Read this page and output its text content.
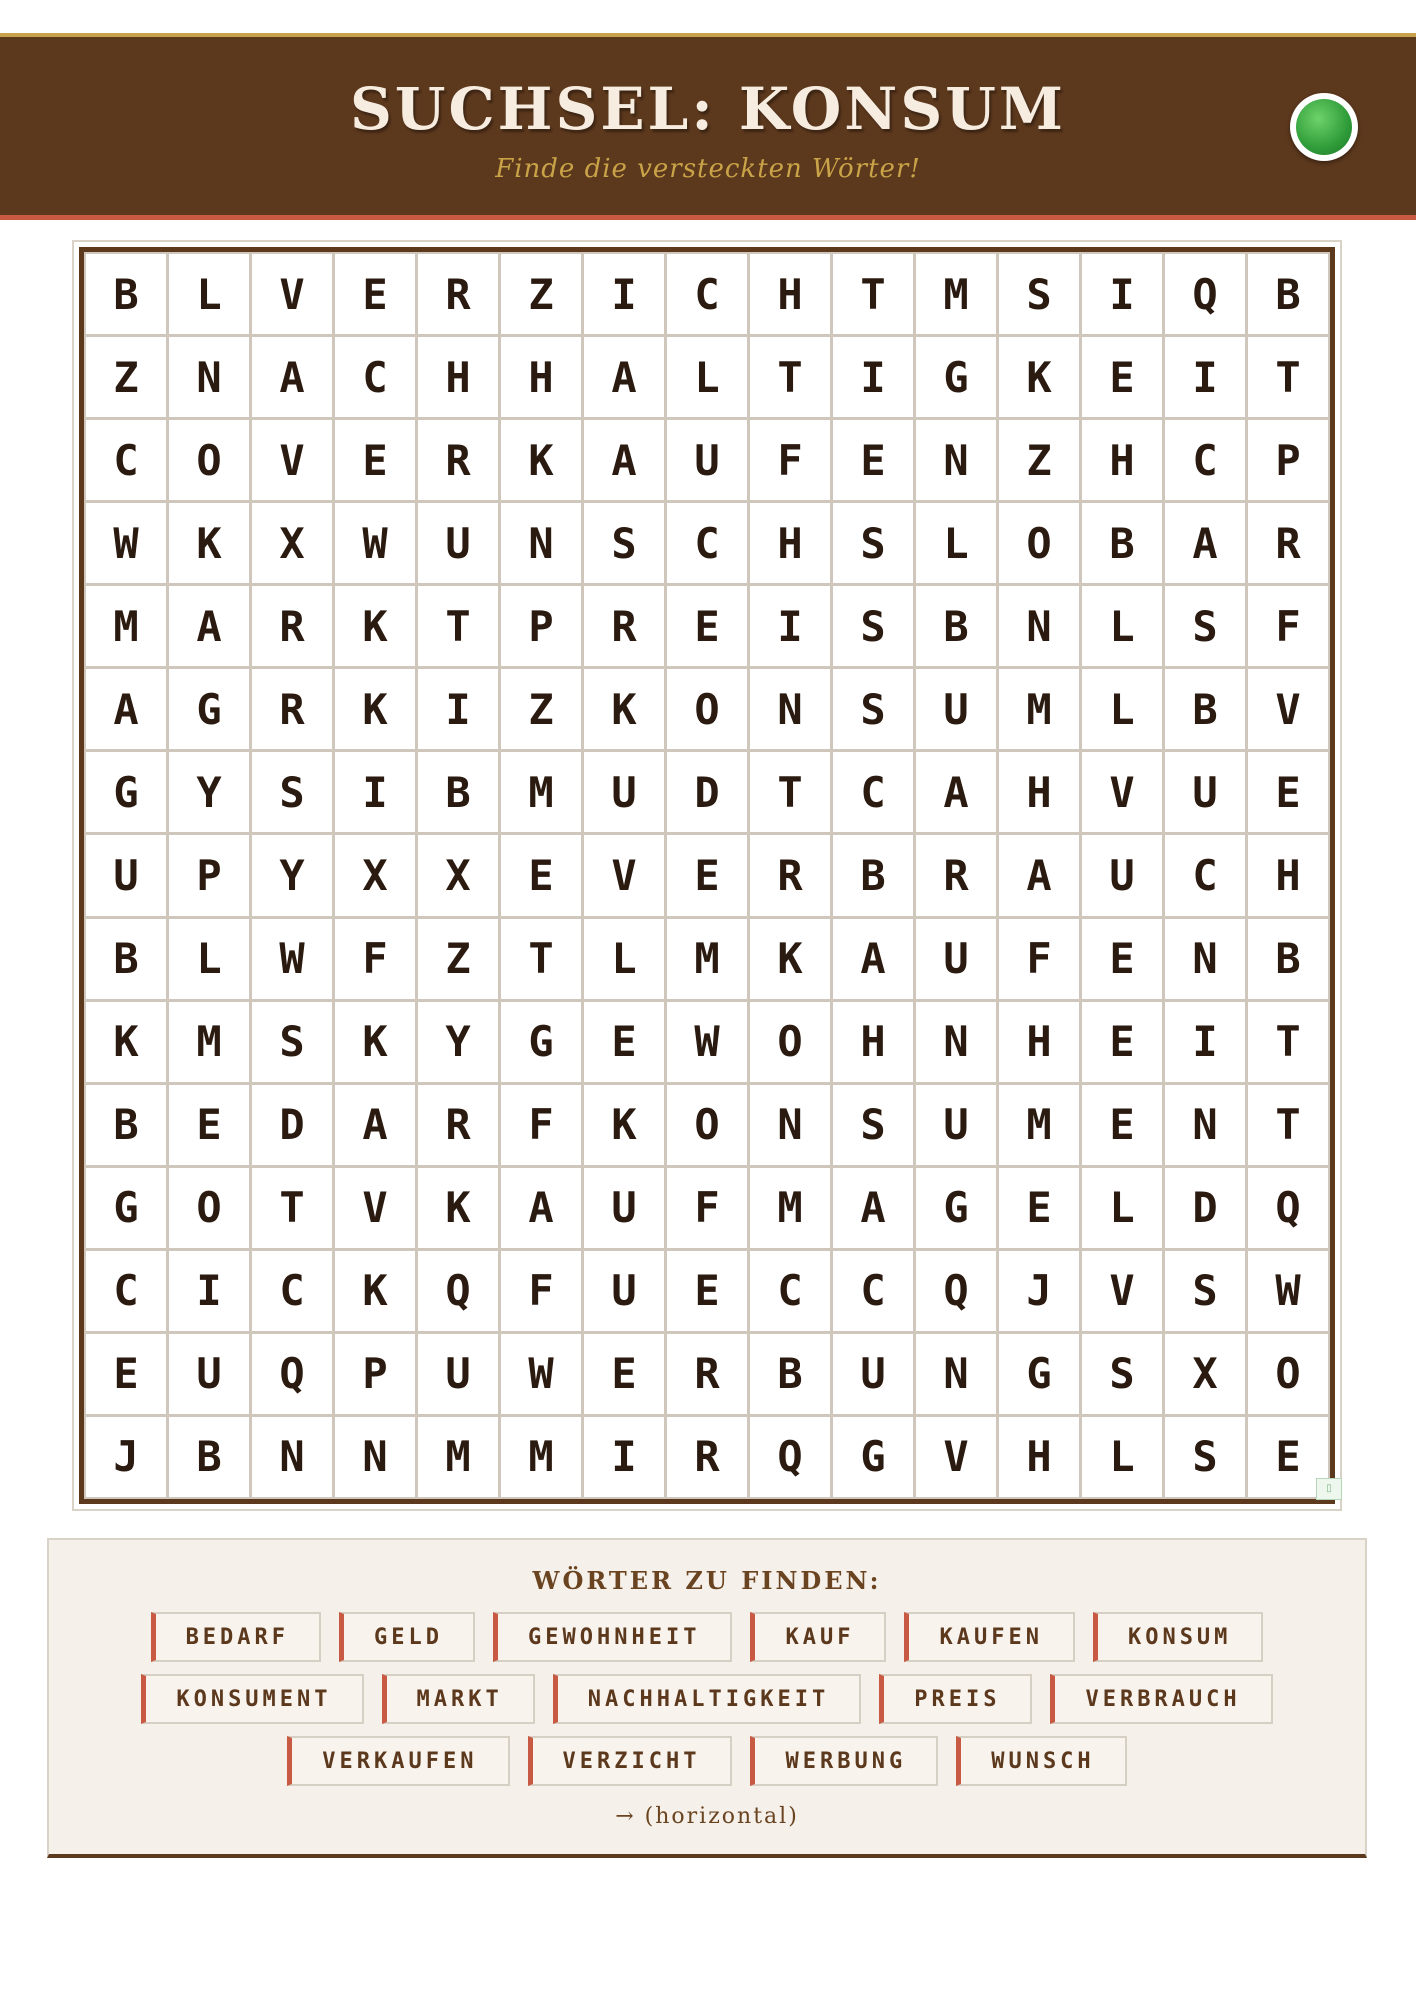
SUCHSEL: KONSUM
Finde die versteckten Wörter!
B	L	V	E	R	Z	I	C	H	T	M	S	I	Q	B
Z	N	A	C	H	H	A	L	T	I	G	K	E	I	T
C	O	V	E	R	K	A	U	F	E	N	Z	H	C	P
W	K	X	W	U	N	S	C	H	S	L	O	B	A	R
M	A	R	K	T	P	R	E	I	S	B	N	L	S	F
A	G	R	K	I	Z	K	O	N	S	U	M	L	B	V
G	Y	S	I	B	M	U	D	T	C	A	H	V	U	E
U	P	Y	X	X	E	V	E	R	B	R	A	U	C	H
B	L	W	F	Z	T	L	M	K	A	U	F	E	N	B
K	M	S	K	Y	G	E	W	O	H	N	H	E	I	T
B	E	D	A	R	F	K	O	N	S	U	M	E	N	T
G	O	T	V	K	A	U	F	M	A	G	E	L	D	Q
C	I	C	K	Q	F	U	E	C	C	Q	J	V	S	W
E	U	Q	P	U	W	E	R	B	U	N	G	S	X	O
J	B	N	N	M	M	I	R	Q	G	V	H	L	S	E
▯
WÖRTER ZU FINDEN:
BEDARF	GELD	GEWOHNHEIT	KAUF	KAUFEN	KONSUM
KONSUMENT	MARKT	NACHHALTIGKEIT	PREIS	VERBRAUCH
VERKAUFEN	VERZICHT	WERBUNG	WUNSCH
→ (horizontal)
